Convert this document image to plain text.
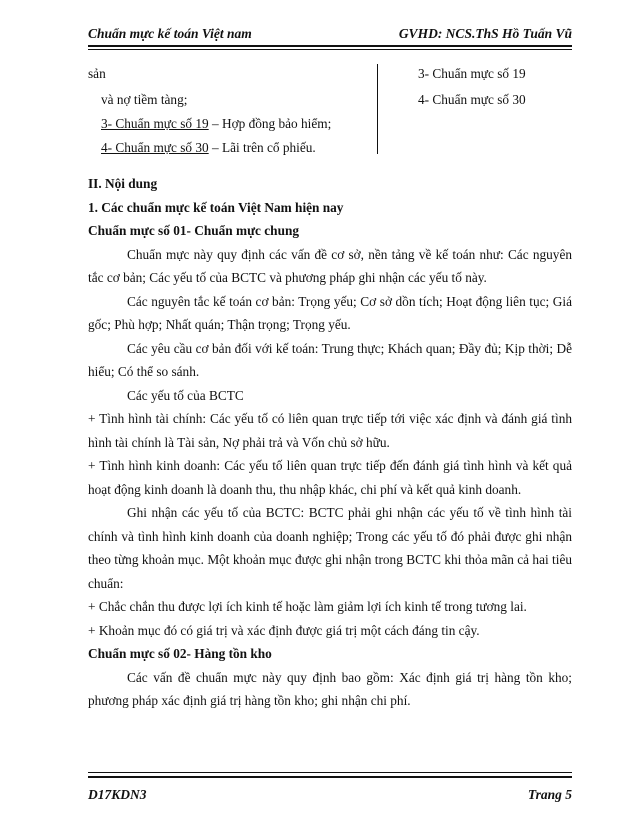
Chuẩn mực kế toán Việt nam	GVHD: NCS.ThS Hồ Tuấn Vũ
sản
và nợ tiềm tàng;
3- Chuẩn mực số 19 – Hợp đồng bảo hiểm;
4- Chuẩn mực số 30 – Lãi trên cổ phiếu.
3- Chuẩn mực số 19
4- Chuẩn mực số 30

II. Nội dung

1. Các chuẩn mực kế toán Việt Nam hiện nay

Chuẩn mực số 01- Chuẩn mực chung

Chuẩn mực này quy định các vấn đề cơ sở, nền tảng về kế toán như: Các nguyên tắc cơ bản; Các yếu tố của BCTC và phương pháp ghi nhận các yếu tố này.

Các nguyên tắc kế toán cơ bản: Trọng yếu; Cơ sở dồn tích; Hoạt động liên tục; Giá gốc; Phù hợp; Nhất quán; Thận trọng; Trọng yếu.

Các yêu cầu cơ bản đối với kế toán: Trung thực; Khách quan; Đầy đủ; Kịp thời; Dễ hiểu; Có thể so sánh.

Các yếu tố của BCTC

+ Tình hình tài chính: Các yếu tố có liên quan trực tiếp tới việc xác định và đánh giá tình hình tài chính là Tài sản, Nợ phải trả và Vốn chủ sở hữu.

+ Tình hình kinh doanh: Các yếu tố liên quan trực tiếp đến đánh giá tình hình và kết quả hoạt động kinh doanh là doanh thu, thu nhập khác, chi phí và kết quả kinh doanh.

Ghi nhận các yếu tố của BCTC: BCTC phải ghi nhận các yếu tố về tình hình tài chính và tình hình kinh doanh của doanh nghiệp; Trong các yếu tố đó phải được ghi nhận theo từng khoản mục. Một khoản mục được ghi nhận trong BCTC khi thỏa mãn cả hai tiêu chuẩn:

+ Chắc chắn thu được lợi ích kinh tế hoặc làm giảm lợi ích kinh tế trong tương lai.

+ Khoản mục đó có giá trị và xác định được giá trị một cách đáng tin cậy.

Chuẩn mực số 02- Hàng tồn kho

Các vấn đề chuẩn mực này quy định bao gồm: Xác định giá trị hàng tồn kho; phương pháp xác định giá trị hàng tồn kho; ghi nhận chi phí.

D17KDN3	Trang 5
